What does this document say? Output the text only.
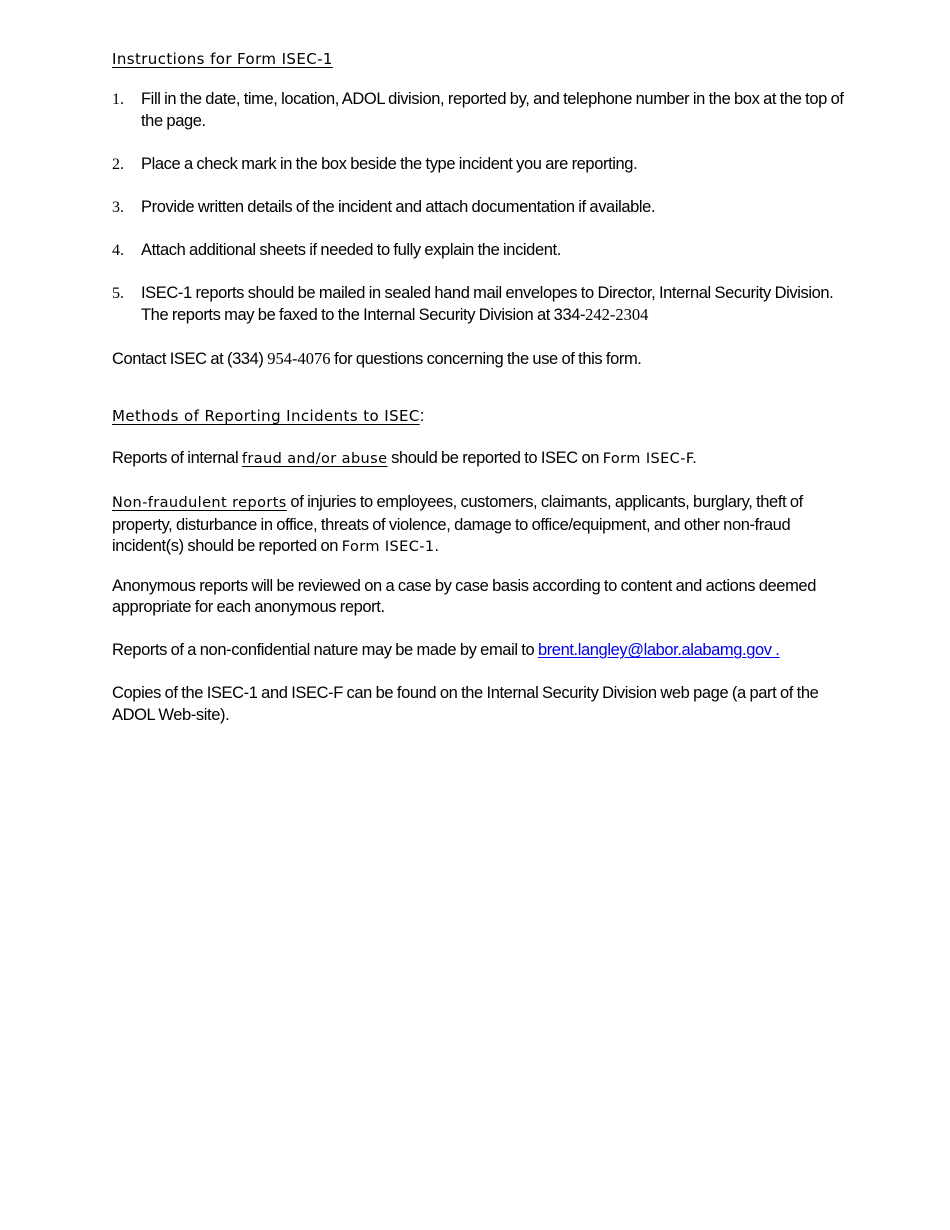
Instructions for Form ISEC-1
1. Fill in the date, time, location, ADOL division, reported by, and telephone number in the box at the top of the page.
2. Place a check mark in the box beside the type incident you are reporting.
3. Provide written details of the incident and attach documentation if available.
4. Attach additional sheets if needed to fully explain the incident.
5. ISEC-1 reports should be mailed in sealed hand mail envelopes to Director, Internal Security Division.    The reports may be faxed to the Internal Security Division at 334-242-2304

Contact ISEC at (334) 954-4076 for questions concerning the use of this form.

Methods of Reporting Incidents to ISEC:

Reports of internal fraud and/or abuse should be reported to ISEC on Form ISEC-F.

Non-fraudulent reports of injuries to employees, customers, claimants, applicants, burglary, theft of property, disturbance in office, threats of violence, damage to office/equipment, and other non-fraud incident(s) should be reported on Form ISEC-1.

Anonymous reports will be reviewed on a case by case basis according to content and actions deemed appropriate for each anonymous report.

Reports of a non-confidential nature may be made by email to brent.langley@labor.alabamg.gov .

Copies of the ISEC-1 and ISEC-F can be found on the Internal Security Division web page (a part of the ADOL Web-site).
